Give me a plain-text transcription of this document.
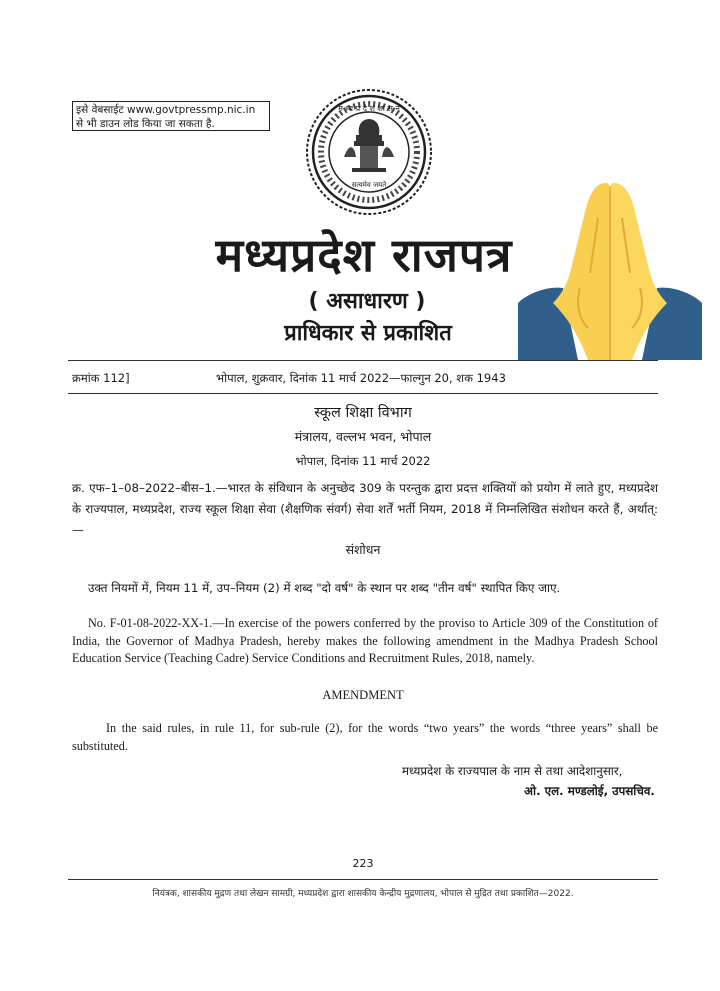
इसे वेबसाईट www.govtpressmp.nic.in
से भी डाउन लोड किया जा सकता है.
म ध्य प्र दे श शा स न
सत्यमेव जयते
मध्यप्रदेश राजपत्र
( असाधारण )
प्राधिकार से प्रकाशित
क्रमांक 112]	भोपाल, शुक्रवार, दिनांक 11 मार्च 2022—फाल्गुन 20, शक 1943
स्कूल शिक्षा विभाग
मंत्रालय, वल्लभ भवन, भोपाल
भोपाल, दिनांक 11 मार्च 2022
क्र. एफ–1–08–2022–बीस–1.—भारत के संविधान के अनुच्छेद 309 के परन्तुक द्वारा प्रदत्त शक्तियों को प्रयोग में लाते हुए, मध्यप्रदेश के राज्यपाल, मध्यप्रदेश, राज्य स्कूल शिक्षा सेवा (शैक्षणिक संवर्ग) सेवा शर्तें भर्ती नियम, 2018 में निम्नलिखित संशोधन करते हैं, अर्थात्:—
संशोधन
उक्त नियमों में, नियम 11 में, उप–नियम (2) में शब्द "दो वर्ष" के स्थान पर शब्द "तीन वर्ष" स्थापित किए जाए.
No. F-01-08-2022-XX-1.—In exercise of the powers conferred by the proviso to Article 309 of the Constitution of India, the Governor of Madhya Pradesh, hereby makes the following amendment in the Madhya Pradesh School Education Service (Teaching Cadre) Service Conditions and Recruitment Rules, 2018, namely.
AMENDMENT
In the said rules, in rule 11, for sub-rule (2), for the words “two years” the words “three years” shall be substituted.
मध्यप्रदेश के राज्यपाल के नाम से तथा आदेशानुसार,
ओ. एल. मण्डलोई, उपसचिव.
223
नियंत्रक, शासकीय मुद्रण तथा लेखन सामग्री, मध्यप्रदेश द्वारा शासकीय केन्द्रीय मुद्रणालय, भोपाल से मुद्रित तथा प्रकाशित—2022.
